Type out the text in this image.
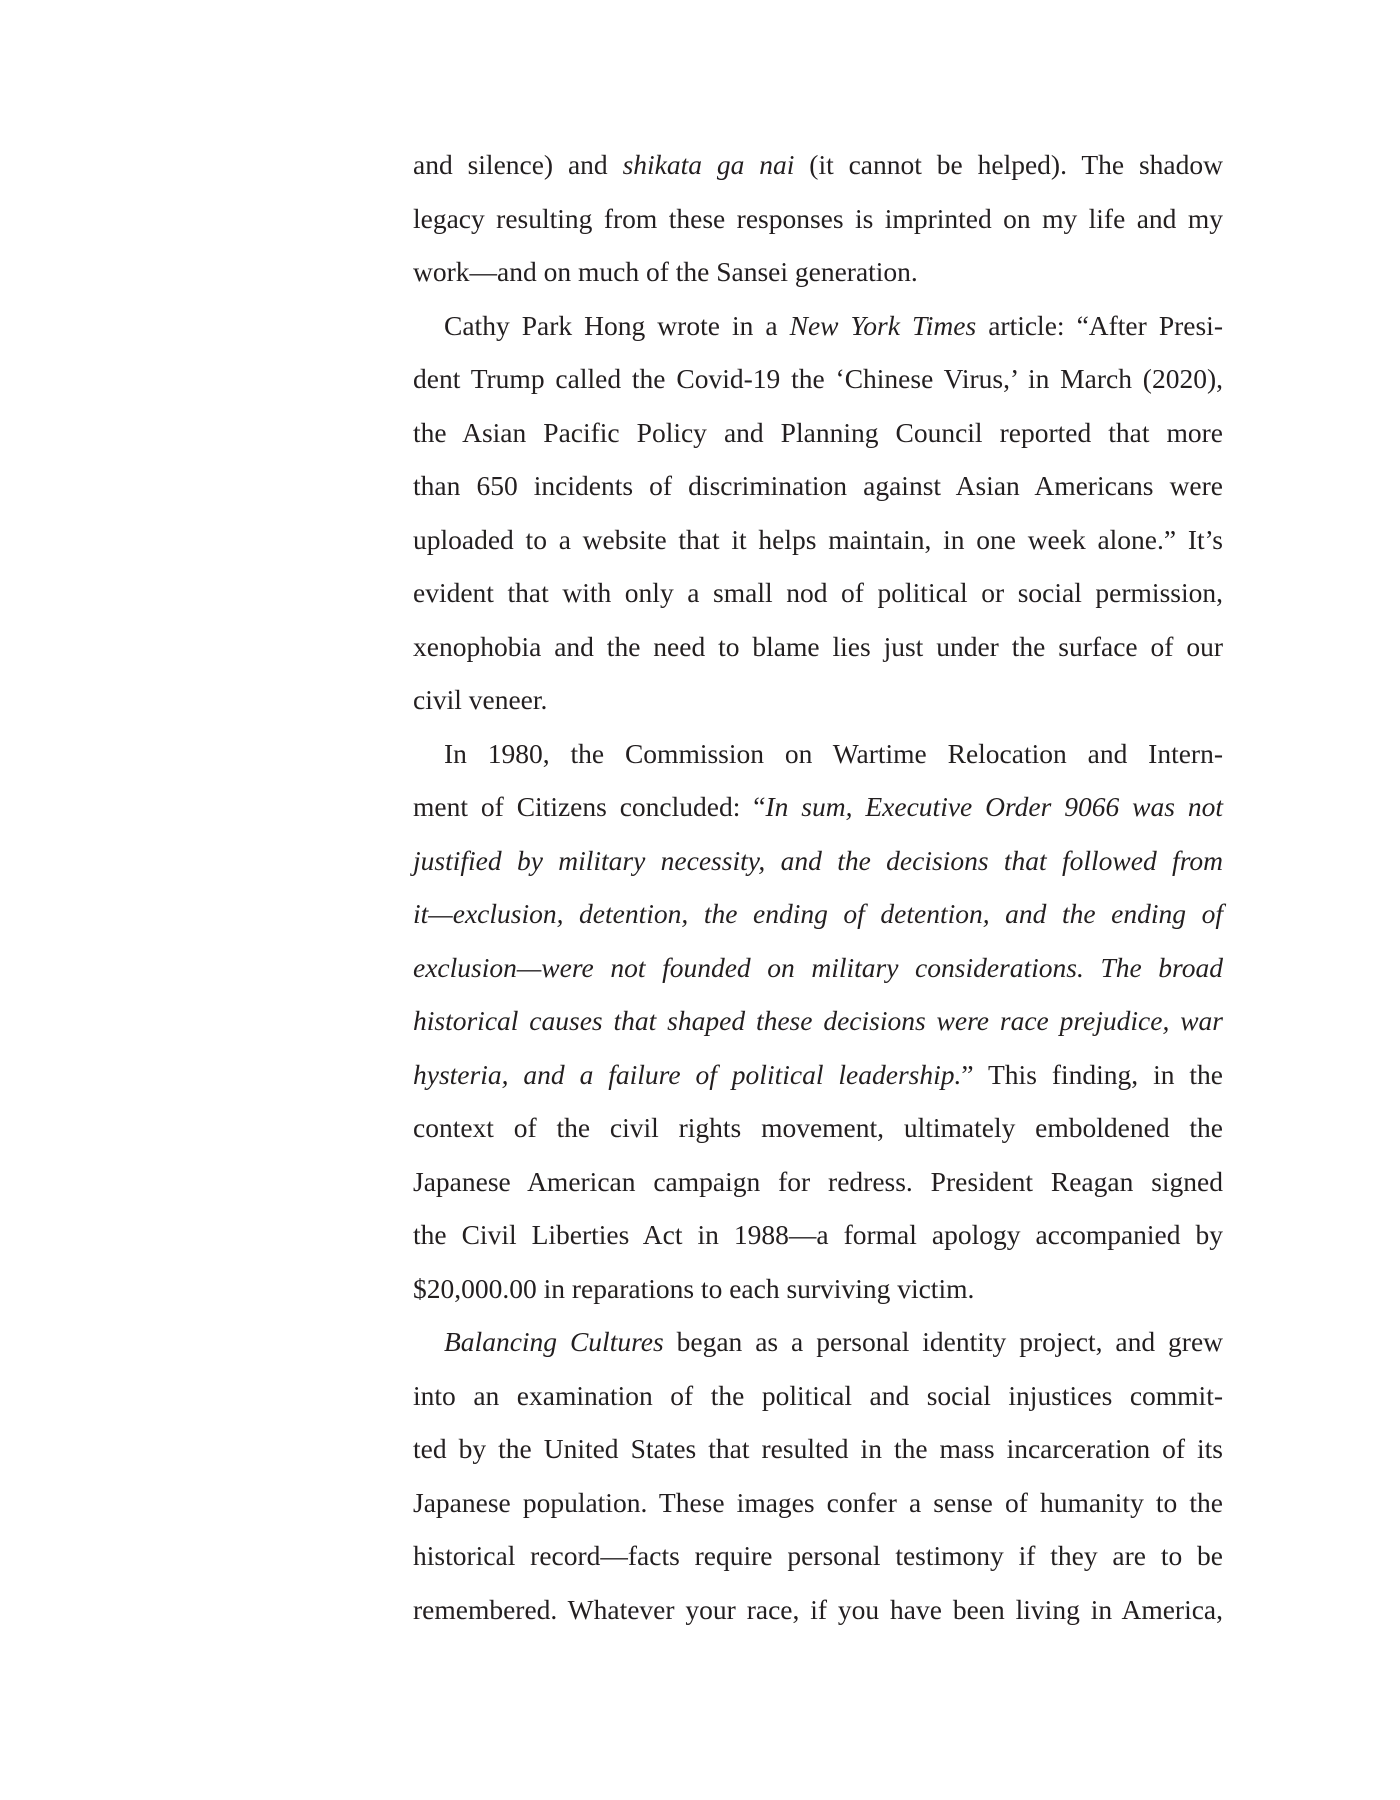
and silence) and shikata ga nai (it cannot be helped). The shadow
legacy resulting from these responses is imprinted on my life and my
work—and on much of the Sansei generation.

Cathy Park Hong wrote in a New York Times article: “After Presi-
dent Trump called the Covid-19 the ‘Chinese Virus,’ in March (2020),
the Asian Pacific Policy and Planning Council reported that more
than 650 incidents of discrimination against Asian Americans were
uploaded to a website that it helps maintain, in one week alone.” It’s
evident that with only a small nod of political or social permission,
xenophobia and the need to blame lies just under the surface of our
civil veneer.

In 1980, the Commission on Wartime Relocation and Intern-
ment of Citizens concluded: “In sum, Executive Order 9066 was not
justified by military necessity, and the decisions that followed from
it—exclusion, detention, the ending of detention, and the ending of
exclusion—were not founded on military considerations. The broad
historical causes that shaped these decisions were race prejudice, war
hysteria, and a failure of political leadership.” This finding, in the
context of the civil rights movement, ultimately emboldened the
Japanese American campaign for redress. President Reagan signed
the Civil Liberties Act in 1988—a formal apology accompanied by
$20,000.00 in reparations to each surviving victim.

Balancing Cultures began as a personal identity project, and grew
into an examination of the political and social injustices commit-
ted by the United States that resulted in the mass incarceration of its
Japanese population. These images confer a sense of humanity to the
historical record—facts require personal testimony if they are to be
remembered. Whatever your race, if you have been living in America,
